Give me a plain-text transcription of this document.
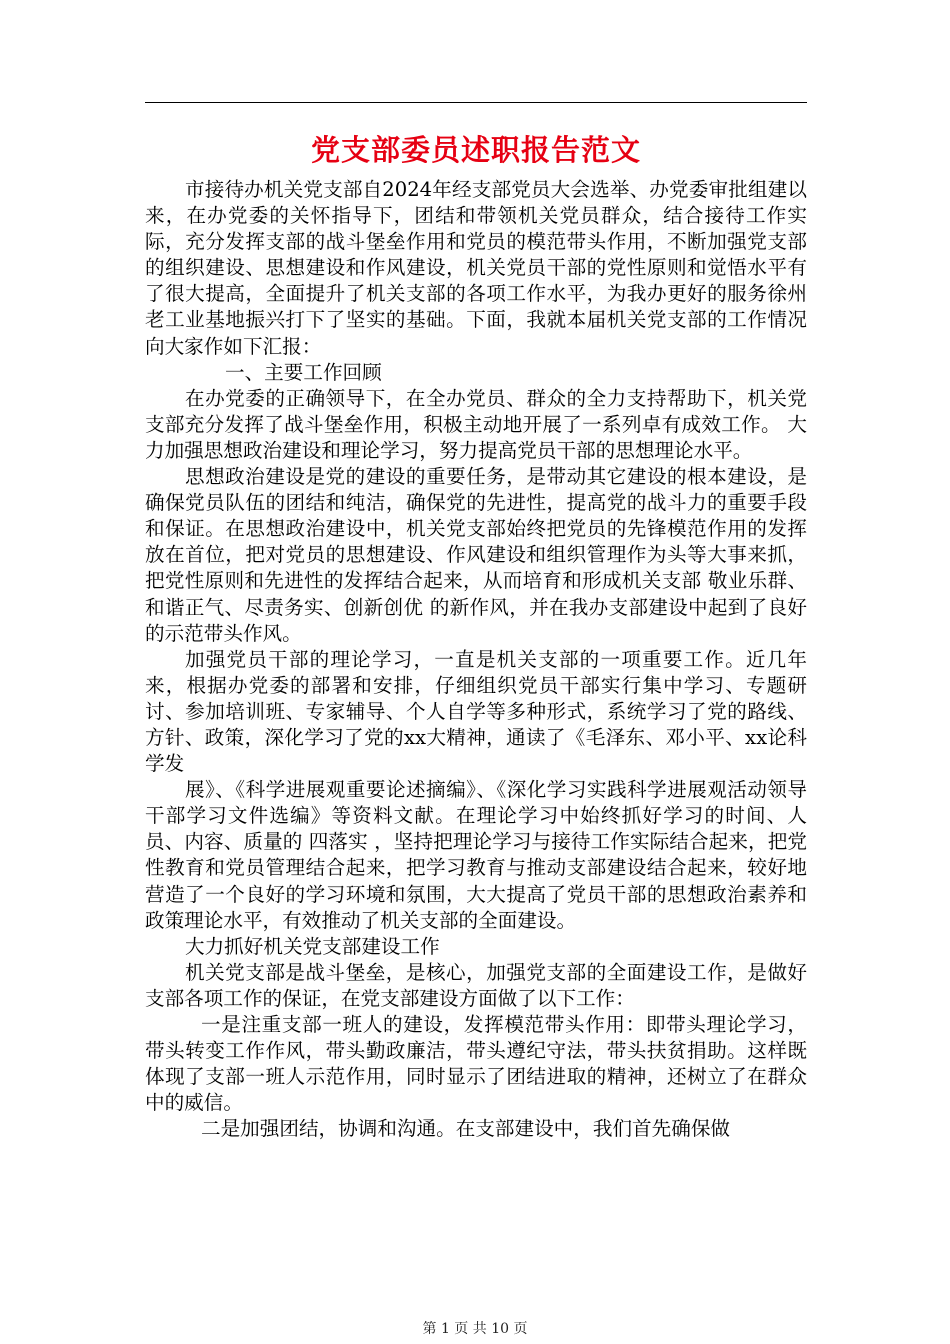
党支部委员述职报告范文

市接待办机关党支部自2024年经支部党员大会选举、办党委审批组建以来，在办党委的关怀指导下，团结和带领机关党员群众，结合接待工作实际，充分发挥支部的战斗堡垒作用和党员的模范带头作用，不断加强党支部的组织建设、思想建设和作风建设，机关党员干部的党性原则和觉悟水平有了很大提高，全面提升了机关支部的各项工作水平，为我办更好的服务徐州老工业基地振兴打下了坚实的基础。下面，我就本届机关党支部的工作情况向大家作如下汇报：

一、主要工作回顾

在办党委的正确领导下，在全办党员、群众的全力支持帮助下，机关党支部充分发挥了战斗堡垒作用，积极主动地开展了一系列卓有成效工作。 大力加强思想政治建设和理论学习，努力提高党员干部的思想理论水平。

思想政治建设是党的建设的重要任务，是带动其它建设的根本建设，是确保党员队伍的团结和纯洁，确保党的先进性，提高党的战斗力的重要手段和保证。在思想政治建设中，机关党支部始终把党员的先锋模范作用的发挥放在首位，把对党员的思想建设、作风建设和组织管理作为头等大事来抓，把党性原则和先进性的发挥结合起来，从而培育和形成机关支部 敬业乐群、和谐正气、尽责务实、创新创优 的新作风，并在我办支部建设中起到了良好的示范带头作风。

加强党员干部的理论学习，一直是机关支部的一项重要工作。近几年来，根据办党委的部署和安排，仔细组织党员干部实行集中学习、专题研讨、参加培训班、专家辅导、个人自学等多种形式，系统学习了党的路线、方针、政策，深化学习了党的xx大精神，通读了《毛泽东、邓小平、xx论科学发

展》、《科学进展观重要论述摘编》、《深化学习实践科学进展观活动领导干部学习文件选编》等资料文献。在理论学习中始终抓好学习的时间、人员、内容、质量的 四落实 ，坚持把理论学习与接待工作实际结合起来，把党性教育和党员管理结合起来，把学习教育与推动支部建设结合起来，较好地营造了一个良好的学习环境和氛围，大大提高了党员干部的思想政治素养和政策理论水平，有效推动了机关支部的全面建设。

大力抓好机关党支部建设工作

机关党支部是战斗堡垒，是核心，加强党支部的全面建设工作，是做好支部各项工作的保证，在党支部建设方面做了以下工作：

一是注重支部一班人的建设，发挥模范带头作用：即带头理论学习，带头转变工作作风，带头勤政廉洁，带头遵纪守法，带头扶贫捐助。这样既体现了支部一班人示范作用，同时显示了团结进取的精神，还树立了在群众中的威信。

二是加强团结，协调和沟通。在支部建设中，我们首先确保做

第 1 页 共 10 页
